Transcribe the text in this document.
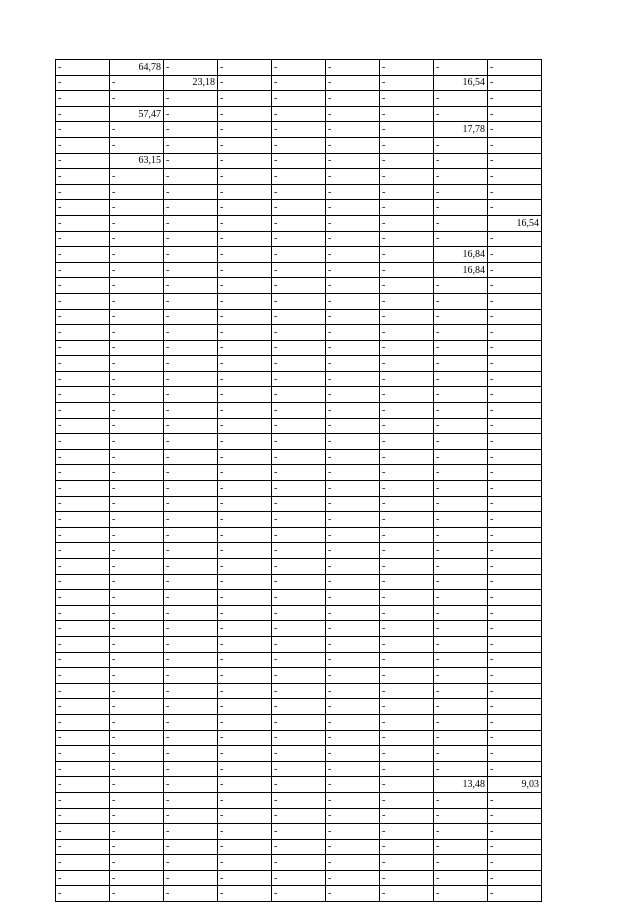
-	64,78	-	-	-	-	-	-	-
-	-	23,18	-	-	-	-	16,54	-
-	-	-	-	-	-	-	-	-
-	57,47	-	-	-	-	-	-	-
-	-	-	-	-	-	-	17,78	-
-	-	-	-	-	-	-	-	-
-	63,15	-	-	-	-	-	-	-
-	-	-	-	-	-	-	-	-
-	-	-	-	-	-	-	-	-
-	-	-	-	-	-	-	-	-
-	-	-	-	-	-	-	-	16,54
-	-	-	-	-	-	-	-	-
-	-	-	-	-	-	-	16,84	-
-	-	-	-	-	-	-	16,84	-
-	-	-	-	-	-	-	-	-
-	-	-	-	-	-	-	-	-
-	-	-	-	-	-	-	-	-
-	-	-	-	-	-	-	-	-
-	-	-	-	-	-	-	-	-
-	-	-	-	-	-	-	-	-
-	-	-	-	-	-	-	-	-
-	-	-	-	-	-	-	-	-
-	-	-	-	-	-	-	-	-
-	-	-	-	-	-	-	-	-
-	-	-	-	-	-	-	-	-
-	-	-	-	-	-	-	-	-
-	-	-	-	-	-	-	-	-
-	-	-	-	-	-	-	-	-
-	-	-	-	-	-	-	-	-
-	-	-	-	-	-	-	-	-
-	-	-	-	-	-	-	-	-
-	-	-	-	-	-	-	-	-
-	-	-	-	-	-	-	-	-
-	-	-	-	-	-	-	-	-
-	-	-	-	-	-	-	-	-
-	-	-	-	-	-	-	-	-
-	-	-	-	-	-	-	-	-
-	-	-	-	-	-	-	-	-
-	-	-	-	-	-	-	-	-
-	-	-	-	-	-	-	-	-
-	-	-	-	-	-	-	-	-
-	-	-	-	-	-	-	-	-
-	-	-	-	-	-	-	-	-
-	-	-	-	-	-	-	-	-
-	-	-	-	-	-	-	-	-
-	-	-	-	-	-	-	-	-
-	-	-	-	-	-	-	13,48	9,03
-	-	-	-	-	-	-	-	-
-	-	-	-	-	-	-	-	-
-	-	-	-	-	-	-	-	-
-	-	-	-	-	-	-	-	-
-	-	-	-	-	-	-	-	-
-	-	-	-	-	-	-	-	-
-	-	-	-	-	-	-	-	-
